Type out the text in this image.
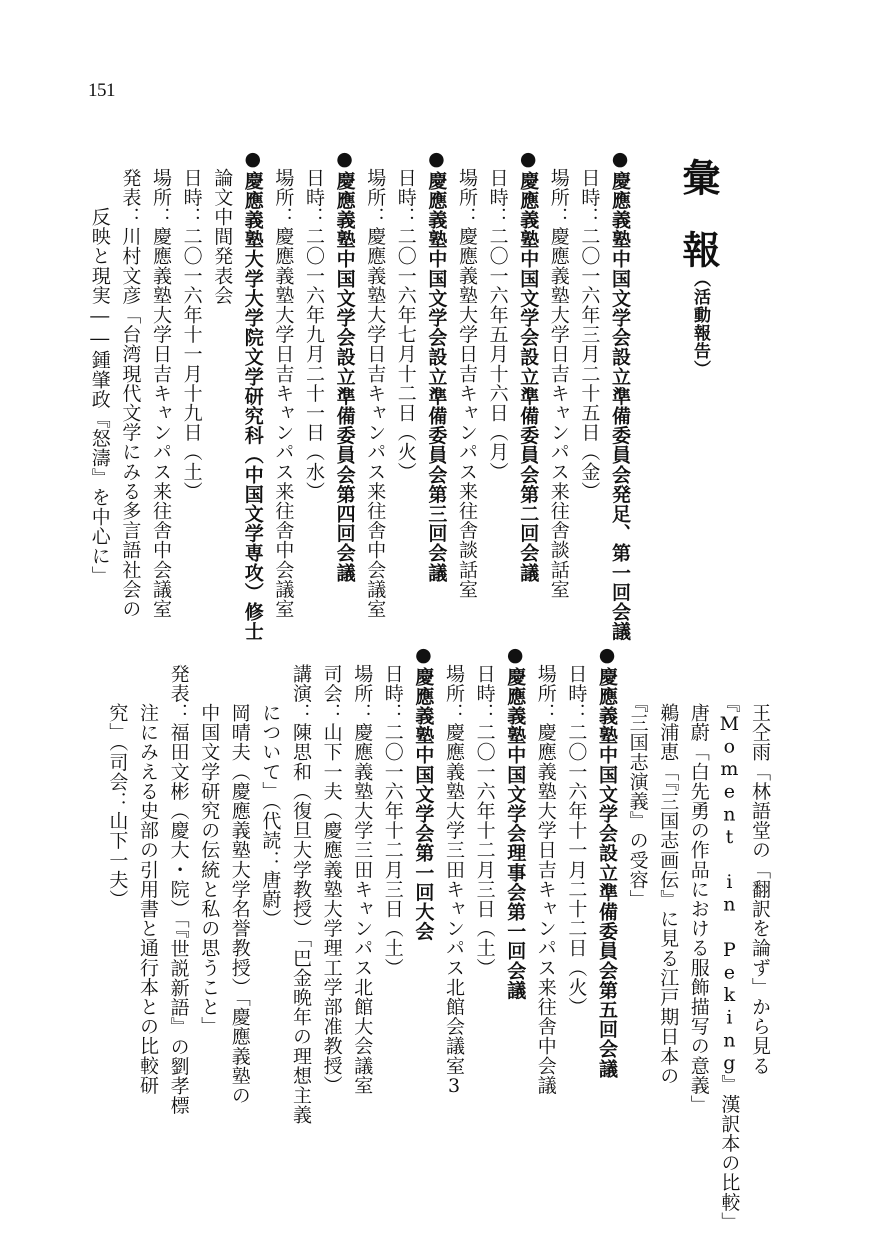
151
彙報
（活動報告）
●慶應義塾中国文学会設立準備委員会発足、第一回会議
　日時：二〇一六年三月二十五日（金）
　場所：慶應義塾大学日吉キャンパス来往舎談話室
●慶應義塾中国文学会設立準備委員会第二回会議
　日時：二〇一六年五月十六日（月）
　場所：慶應義塾大学日吉キャンパス来往舎談話室
●慶應義塾中国文学会設立準備委員会第三回会議
　日時：二〇一六年七月十二日（火）
　場所：慶應義塾大学日吉キャンパス来往舎中会議室
●慶應義塾中国文学会設立準備委員会第四回会議
　日時：二〇一六年九月二十一日（水）
　場所：慶應義塾大学日吉キャンパス来往舎中会議室
●慶應義塾大学大学院文学研究科（中国文学専攻）修士
　論文中間発表会
　日時：二〇一六年十一月十九日（土）
　場所：慶應義塾大学日吉キャンパス来往舎中会議室
　発表：川村文彦「台湾現代文学にみる多言語社会の
　　　反映と現実――鍾肇政『怒濤』を中心に」
　　　王仝雨「林語堂の「翻訳を論ず」から見る
　　　『Moment in Peking』漢訳本の比較」
　　　唐蔚「白先勇の作品における服飾描写の意義」
　　　鵜浦恵「『三国志画伝』に見る江戸期日本の
　　　『三国志演義』の受容」
●慶應義塾中国文学会設立準備委員会第五回会議
　日時：二〇一六年十一月二十二日（火）
　場所：慶應義塾大学日吉キャンパス来往舎中会議
●慶應義塾中国文学会理事会第一回会議
　日時：二〇一六年十二月三日（土）
　場所：慶應義塾大学三田キャンパス北館会議室3
●慶應義塾中国文学会第一回大会
　日時：二〇一六年十二月三日（土）
　場所：慶應義塾大学三田キャンパス北館大会議室
　司会：山下一夫（慶應義塾大学理工学部准教授）
　講演：陳思和（復旦大学教授）「巴金晩年の理想主義
　　　について」（代読：唐蔚）
　　　岡晴夫（慶應義塾大学名誉教授）「慶應義塾の
　　　中国文学研究の伝統と私の思うこと」
　発表：福田文彬（慶大・院）「『世説新語』の劉孝標
　　　注にみえる史部の引用書と通行本との比較研
　　　究」（司会：山下一夫）
